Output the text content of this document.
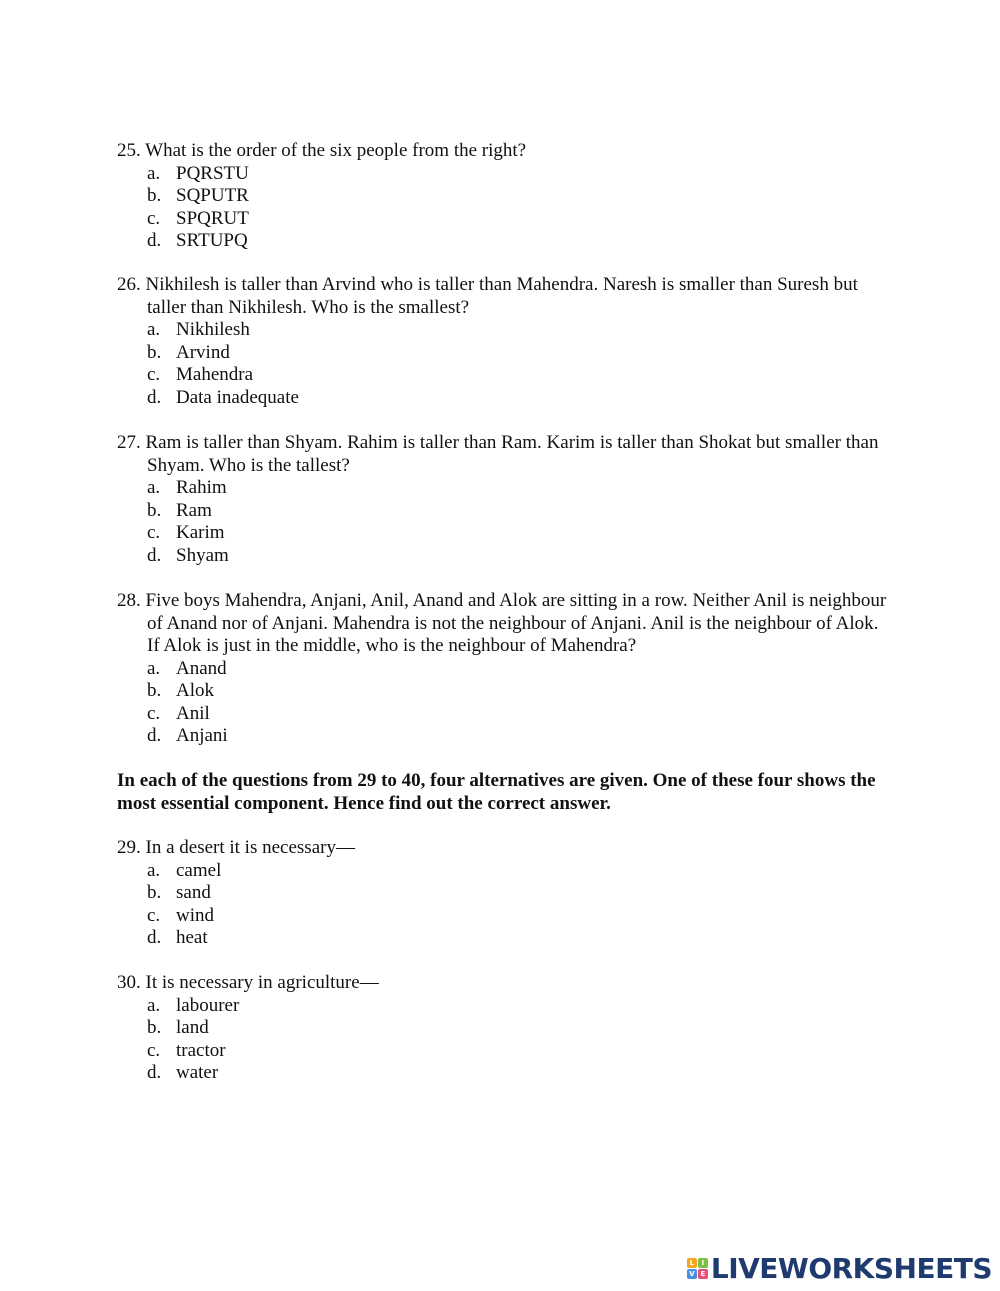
25. What is the order of the six people from the right?

a. PQRSTU
b. SQPUTR
c. SPQRUT
d. SRTUPQ

26. Nikhilesh is taller than Arvind who is taller than Mahendra. Naresh is smaller than Suresh but taller than Nikhilesh. Who is the smallest?

a. Nikhilesh
b. Arvind
c. Mahendra
d. Data inadequate

27. Ram is taller than Shyam. Rahim is taller than Ram. Karim is taller than Shokat but smaller than Shyam. Who is the tallest?

a. Rahim
b. Ram
c. Karim
d. Shyam

28. Five boys Mahendra, Anjani, Anil, Anand and Alok are sitting in a row. Neither Anil is neighbour of Anand nor of Anjani. Mahendra is not the neighbour of Anjani. Anil is the neighbour of Alok. If Alok is just in the middle, who is the neighbour of Mahendra?

a. Anand
b. Alok
c. Anil
d. Anjani

In each of the questions from 29 to 40, four alternatives are given. One of these four shows the most essential component. Hence find out the correct answer.

29. In a desert it is necessary—

a. camel
b. sand
c. wind
d. heat

30. It is necessary in agriculture—

a. labourer
b. land
c. tractor
d. water
L	I
V E LIVEWORKSHEETS
